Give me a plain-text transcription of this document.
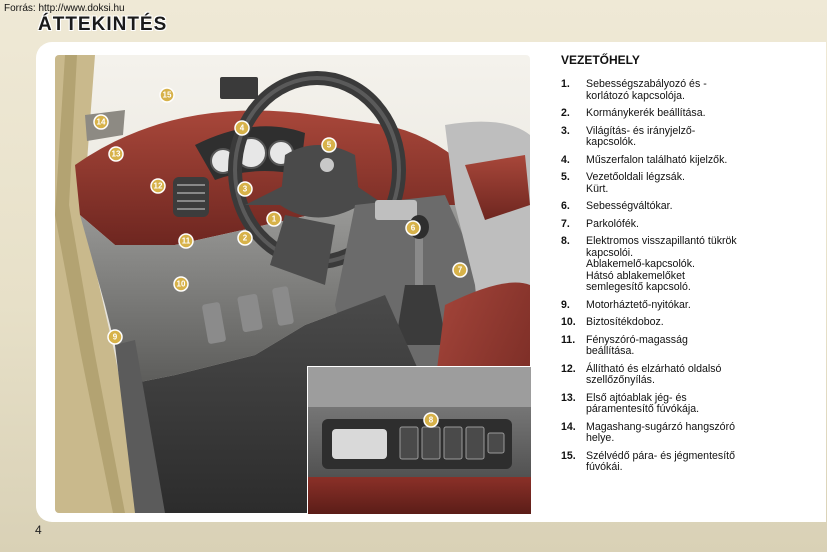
Forrás: http://www.doksi.hu
ÁTTEKINTÉS
15
14
13
12
4
5
3
1
2
11
10
6
7
9
8
VEZETŐHELY
1.	Sebességszabályozó és -
korlátozó kapcsolója.
2.	Kormánykerék beállítása.
3.	Világítás- és irányjelző-
kapcsolók.
4.	Műszerfalon található kijelzők.
5.	Vezetőoldali légzsák.
Kürt.
6.	Sebességváltókar.
7.	Parkolófék.
8.	Elektromos visszapillantó tükrök
kapcsolói.
Ablakemelő-kapcsolók.
Hátsó ablakemelőket
semlegesítő kapcsoló.
9.	Motorháztető-nyitókar.
10. Biztosítékdoboz.
11.	Fényszóró-magasság
beállítása.
12. Állítható és elzárható oldalsó
szellőzőnyílás.
13. Első ajtóablak jég- és
páramentesítő fúvókája.
14. Magashang-sugárzó hangszóró
helye.
15. Szélvédő pára- és jégmentesítő
fúvókái.
4
